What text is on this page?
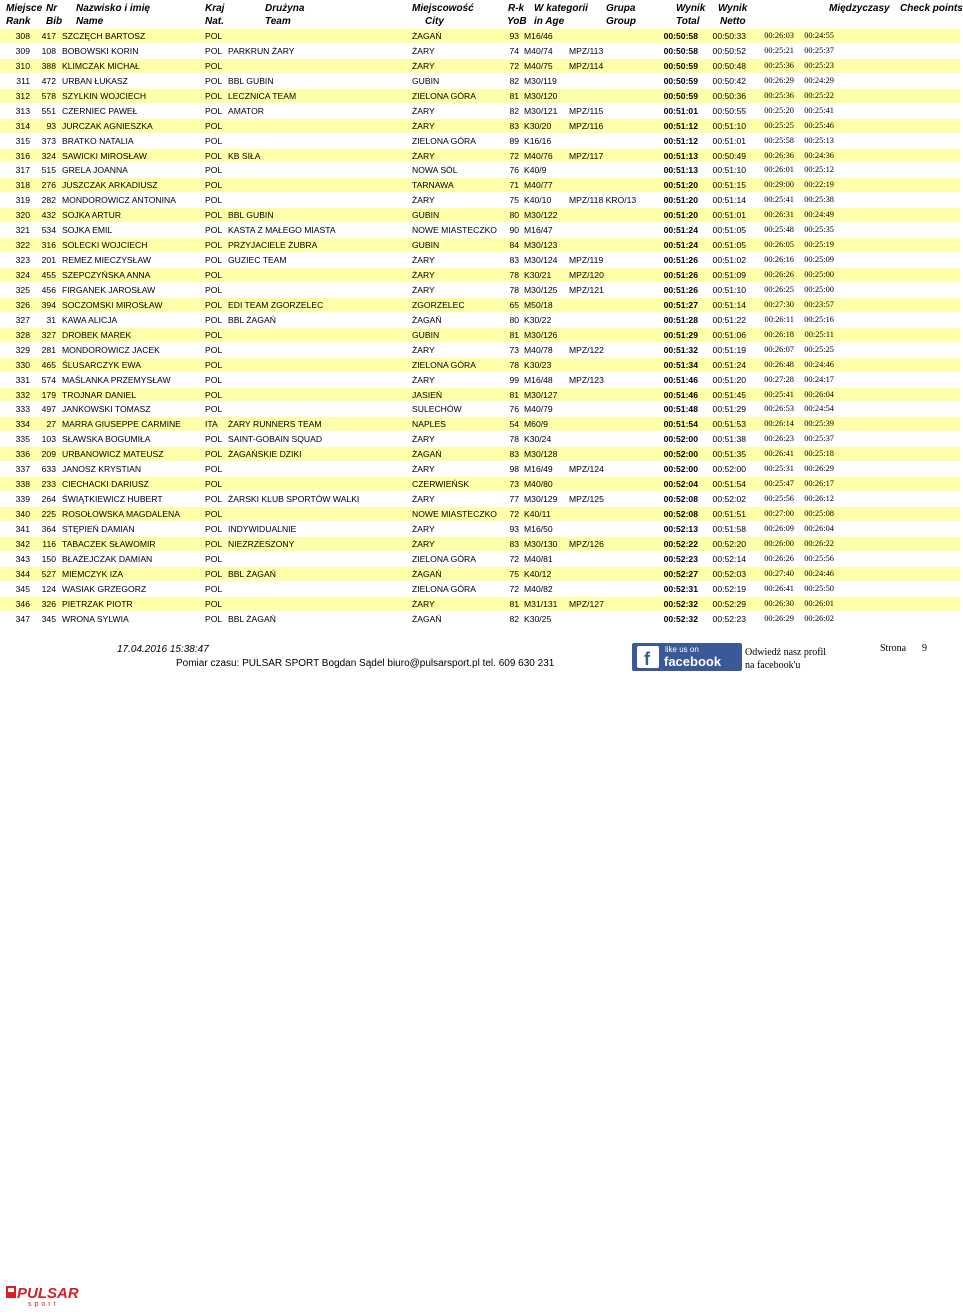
Miejsce
Rank
Nr
Bib
Nazwisko i imię
Name
Kraj
Nat.
Drużyna
Team
Miejscowość
City
R-k
YoB
W kategorii
in Age
Grupa
Group
Wynik
Total
Wynik
Netto
Międzyczasy Check points
308	417 SZCZĘCH BARTOSZ	POL	ŻAGAŃ	93 M16/46	00:50:58	00:50:33	00:26:03	00:24:55
309	108 BOBOWSKI KORIN	POL PARKRUN ŻARY	ŻARY	74 M40/74	MPZ/113	00:50:58	00:50:52	00:25:21	00:25:37
310	388 KLIMCZAK MICHAŁ	POL	ŻARY	72 M40/75	MPZ/114	00:50:59	00:50:48	00:25:36	00:25:23
311	472 URBAN ŁUKASZ	POL BBL GUBIN	GUBIN	82 M30/119	00:50:59	00:50:42	00:26:29	00:24:29
312	578 SZYLKIN WOJCIECH	POL LECZNICA TEAM	ZIELONA GÓRA	81 M30/120	00:50:59	00:50:36	00:25:36	00:25:22
313	551 CZERNIEC PAWEŁ	POL AMATOR	ŻARY	82 M30/121	MPZ/115	00:51:01	00:50:55	00:25:20	00:25:41
314	93 JURCZAK AGNIESZKA	POL	ŻARY	83 K30/20	MPZ/116	00:51:12	00:51:10	00:25:25	00:25:46
315	373 BRATKO NATALIA	POL	ZIELONA GÓRA	89 K16/16	00:51:12	00:51:01	00:25:58	00:25:13
316	324 SAWICKI MIROSŁAW	POL KB SIŁA	ŻARY	72 M40/76	MPZ/117	00:51:13	00:50:49	00:26:36	00:24:36
317	515 GRELA JOANNA	POL	NOWA SÓL	76 K40/9	00:51:13	00:51:10	00:26:01	00:25:12
318	276 JUSZCZAK ARKADIUSZ	POL	TARNAWA	71 M40/77	00:51:20	00:51:15	00:29:00	00:22:19
319	282 MONDOROWICZ ANTONINA	POL	ŻARY	75 K40/10	MPZ/118 KRO/13	00:51:20	00:51:14	00:25:41	00:25:38
320	432 SOJKA ARTUR	POL BBL GUBIN	GUBIN	80 M30/122	00:51:20	00:51:01	00:26:31	00:24:49
321	534 SOJKA EMIL	POL KASTA Z MAŁEGO MIASTA	NOWE MIASTECZKO	90 M16/47	00:51:24	00:51:05	00:25:48	00:25:35
322	316 SOLECKI WOJCIECH	POL PRZYJACIELE ŻUBRA	GUBIN	84 M30/123	00:51:24	00:51:05	00:26:05	00:25:19
323	201 REMEZ MIECZYSŁAW	POL GUZIEC TEAM	ŻARY	83 M30/124	MPZ/119	00:51:26	00:51:02	00:26:16	00:25:09
324	455 SZEPCZYŃSKA ANNA	POL	ŻARY	78 K30/21	MPZ/120	00:51:26	00:51:09	00:26:26	00:25:00
325	456 FIRGANEK JAROSŁAW	POL	ŻARY	78 M30/125	MPZ/121	00:51:26	00:51:10	00:26:25	00:25:00
326	394 SOCZOMSKI MIROSŁAW	POL EDI TEAM ZGORZELEC	ZGORZELEC	65 M50/18	00:51:27	00:51:14	00:27:30	00:23:57
327	31 KAWA ALICJA	POL BBL ŻAGAŃ	ŻAGAŃ	80 K30/22	00:51:28	00:51:22	00:26:11	00:25:16
328	327 DROBEK MAREK	POL	GUBIN	81 M30/126	00:51:29	00:51:06	00:26:18	00:25:11
329	281 MONDOROWICZ JACEK	POL	ŻARY	73 M40/78	MPZ/122	00:51:32	00:51:19	00:26:07	00:25:25
330	465 ŚLUSARCZYK EWA	POL	ZIELONA GÓRA	78 K30/23	00:51:34	00:51:24	00:26:48	00:24:46
331	574 MAŚLANKA PRZEMYSŁAW	POL	ŻARY	99 M16/48	MPZ/123	00:51:46	00:51:20	00:27:28	00:24:17
332	179 TROJNAR DANIEL	POL	JASIEŃ	81 M30/127	00:51:46	00:51:45	00:25:41	00:26:04
333	497 JANKOWSKI TOMASZ	POL	SULECHÓW	76 M40/79	00:51:48	00:51:29	00:26:53	00:24:54
334	27 MARRA GIUSEPPE CARMINE	ITA	ŻARY RUNNERS TEAM	NAPLES	54 M60/9	00:51:54	00:51:53	00:26:14	00:25:39
335	103 SŁAWSKA BOGUMIŁA	POL SAINT-GOBAIN SQUAD	ŻARY	78 K30/24	00:52:00	00:51:38	00:26:23	00:25:37
336	209 URBANOWICZ MATEUSZ	POL ŻAGAŃSKIE DZIKI	ŻAGAŃ	83 M30/128	00:52:00	00:51:35	00:26:41	00:25:18
337	633 JANOSZ KRYSTIAN	POL	ŻARY	98 M16/49	MPZ/124	00:52:00	00:52:00	00:25:31	00:26:29
338	233 CIECHACKI DARIUSZ	POL	CZERWIEŃSK	73 M40/80	00:52:04	00:51:54	00:25:47	00:26:17
339	264 ŚWIĄTKIEWICZ HUBERT	POL ŻARSKI KLUB SPORTÓW WALKI	ŻARY	77 M30/129	MPZ/125	00:52:08	00:52:02	00:25:56	00:26:12
340	225 ROSOŁOWSKA MAGDALENA	POL	NOWE MIASTECZKO	72 K40/11	00:52:08	00:51:51	00:27:00	00:25:08
341	364 STĘPIEŃ DAMIAN	POL INDYWIDUALNIE	ŻARY	93 M16/50	00:52:13	00:51:58	00:26:09	00:26:04
342	116 TABACZEK SŁAWOMIR	POL NIEZRZESZONY	ŻARY	83 M30/130	MPZ/126	00:52:22	00:52:20	00:26:00	00:26:22
343	150 BŁAŻEJCZAK DAMIAN	POL	ZIELONA GÓRA	72 M40/81	00:52:23	00:52:14	00:26:26	00:25:56
344	527 MIEMCZYK IZA	POL BBL ŻAGAŃ	ŻAGAŃ	75 K40/12	00:52:27	00:52:03	00:27:40	00:24:46
345	124 WASIAK GRZEGORZ	POL	ZIELONA GÓRA	72 M40/82	00:52:31	00:52:19	00:26:41	00:25:50
346	326 PIETRZAK PIOTR	POL	ŻARY	81 M31/131	MPZ/127	00:52:32	00:52:29	00:26:30	00:26:01
347	345 WRONA SYLWIA	POL BBL ŻAGAŃ	ŻAGAŃ	82 K30/25	00:52:32	00:52:23	00:26:29	00:26:02
PULSAR
sport
17.04.2016 15:38:47
Pomiar czasu: PULSAR SPORT Bogdan Sądel biuro@pulsarsport.pl tel. 609 630 231
Strona 9
Odwiedź nasz profil
na facebook'u
f like us on
facebook
